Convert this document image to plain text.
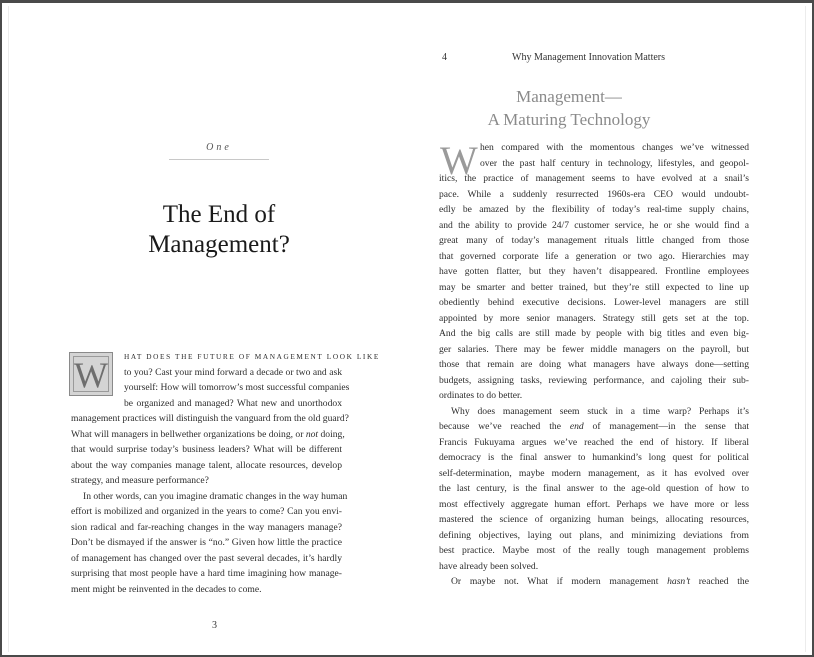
One
The End of
Management?
W	HAT DOES THE FUTURE OF MANAGEMENT LOOK LIKE
to you? Cast your mind forward a decade or two and ask
yourself: How will tomorrow’s most successful companies
be organized and managed? What new and unorthodox
management practices will distinguish the vanguard from the old guard?
What will managers in bellwether organizations be doing, or not doing,
that would surprise today’s business leaders? What will be different
about the way companies manage talent, allocate resources, develop
strategy, and measure performance?
In other words, can you imagine dramatic changes in the way human
effort is mobilized and organized in the years to come? Can you envi-
sion radical and far-reaching changes in the way managers manage?
Don’t be dismayed if the answer is “no.” Given how little the practice
of management has changed over the past several decades, it’s hardly
surprising that most people have a hard time imagining how manage-
ment might be reinvented in the decades to come.
3
4	Why Management Innovation Matters
Management—
A Maturing Technology
W hen compared with the momentous changes we’ve witnessed
over the past half century in technology, lifestyles, and geopol-
itics, the practice of management seems to have evolved at a snail’s
pace. While a suddenly resurrected 1960s-era CEO would undoubt-
edly be amazed by the flexibility of today’s real-time supply chains,
and the ability to provide 24/7 customer service, he or she would find a
great many of today’s management rituals little changed from those
that governed corporate life a generation or two ago. Hierarchies may
have gotten flatter, but they haven’t disappeared. Frontline employees
may be smarter and better trained, but they’re still expected to line up
obediently behind executive decisions. Lower-level managers are still
appointed by more senior managers. Strategy still gets set at the top.
And the big calls are still made by people with big titles and even big-
ger salaries. There may be fewer middle managers on the payroll, but
those that remain are doing what managers have always done—setting
budgets, assigning tasks, reviewing performance, and cajoling their sub-
ordinates to do better.
Why does management seem stuck in a time warp? Perhaps it’s
because we’ve reached the end of management—in the sense that
Francis Fukuyama argues we’ve reached the end of history. If liberal
democracy is the final answer to humankind’s long quest for political
self-determination, maybe modern management, as it has evolved over
the last century, is the final answer to the age-old question of how to
most effectively aggregate human effort. Perhaps we have more or less
mastered the science of organizing human beings, allocating resources,
defining objectives, laying out plans, and minimizing deviations from
best practice. Maybe most of the really tough management problems
have already been solved.
Or maybe not. What if modern management hasn’t reached the
